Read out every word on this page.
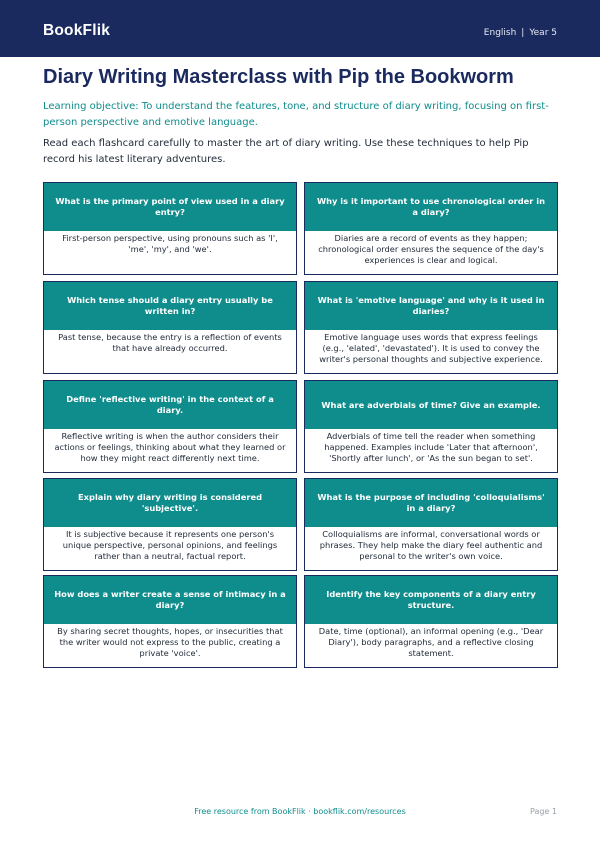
BookFlik	English | Year 5
Diary Writing Masterclass with Pip the Bookworm

Learning objective: To understand the features, tone, and structure of diary writing, focusing on first-person perspective and emotive language.

Read each flashcard carefully to master the art of diary writing. Use these techniques to help Pip record his latest literary adventures.

What is the primary point of view used in a diary entry?
First-person perspective, using pronouns such as 'I', 'me', 'my', and 'we'.
Why is it important to use chronological order in a diary?
Diaries are a record of events as they happen; chronological order ensures the sequence of the day's experiences is clear and logical.
Which tense should a diary entry usually be written in?
Past tense, because the entry is a reflection of events that have already occurred.
What is 'emotive language' and why is it used in diaries?
Emotive language uses words that express feelings (e.g., 'elated', 'devastated'). It is used to convey the writer's personal thoughts and subjective experience.
Define 'reflective writing' in the context of a diary.
Reflective writing is when the author considers their actions or feelings, thinking about what they learned or how they might react differently next time.
What are adverbials of time? Give an example.
Adverbials of time tell the reader when something happened. Examples include 'Later that afternoon', 'Shortly after lunch', or 'As the sun began to set'.
Explain why diary writing is considered 'subjective'.
It is subjective because it represents one person's unique perspective, personal opinions, and feelings rather than a neutral, factual report.
What is the purpose of including 'colloquialisms' in a diary?
Colloquialisms are informal, conversational words or phrases. They help make the diary feel authentic and personal to the writer's own voice.
How does a writer create a sense of intimacy in a diary?
By sharing secret thoughts, hopes, or insecurities that the writer would not express to the public, creating a private 'voice'.
Identify the key components of a diary entry structure.
Date, time (optional), an informal opening (e.g., 'Dear Diary'), body paragraphs, and a reflective closing statement.
Free resource from BookFlik · bookflik.com/resources	Page 1
